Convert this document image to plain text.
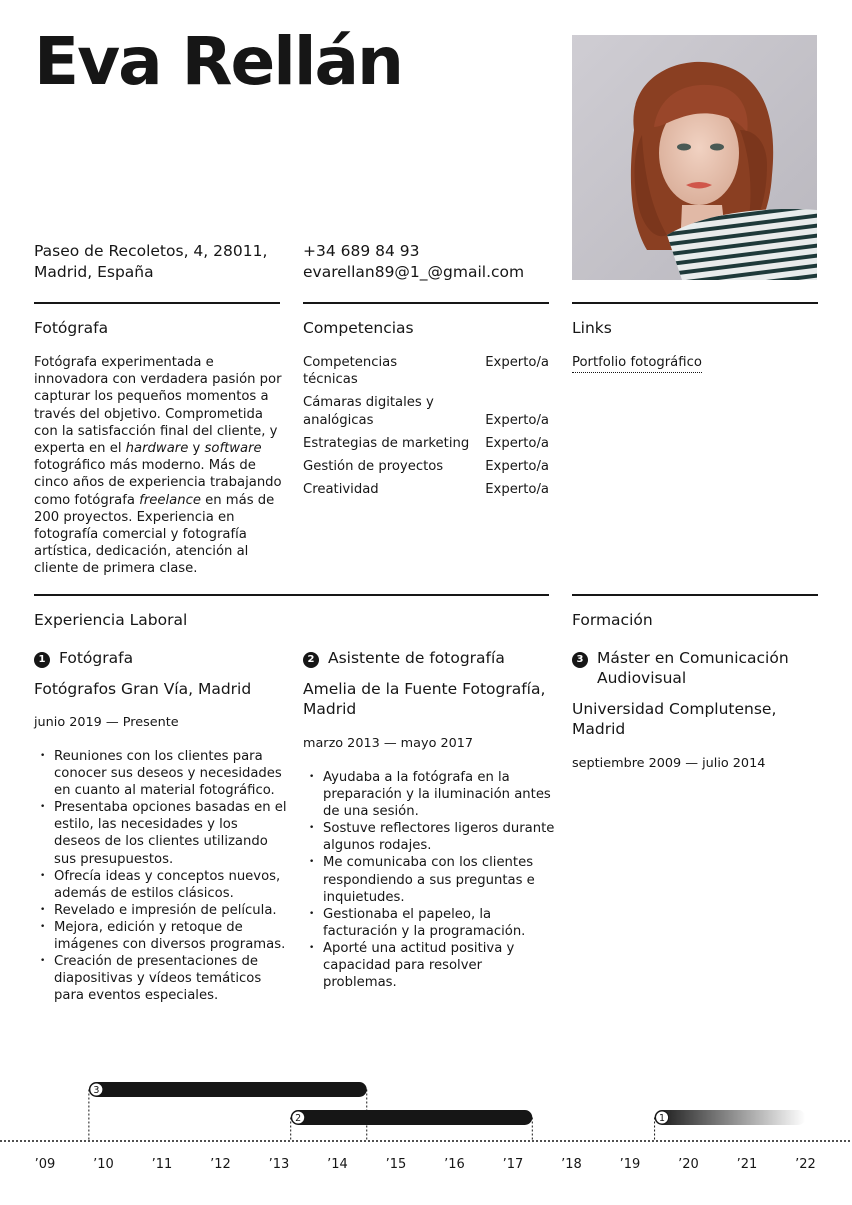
Eva Rellán
Paseo de Recoletos, 4, 28011,
Madrid, España
+34 689 84 93
evarellan89@1_@gmail.com
Fotógrafa	Competencias	Links
Fotógrafa experimentada e innovadora con verdadera pasión por capturar los pequeños momentos a través del objetivo. Comprometida con la satisfacción final del cliente, y experta en el hardware y software fotográfico más moderno. Más de cinco años de experiencia trabajando como fotógrafa freelance en más de 200 proyectos. Experiencia en fotografía comercial y fotografía artística, dedicación, atención al cliente de primera clase.
Competencias técnicas
Experto/a
Cámaras digitales y analógicas	Experto/a
Estrategias de marketing	Experto/a
Gestión de proyectos	Experto/a
Creatividad	Experto/a
Portfolio fotográfico
Experiencia Laboral	Formación
1 Fotógrafa
Fotógrafos Gran Vía, Madrid
junio 2019 — Presente
• Reuniones con los clientes para conocer sus deseos y necesidades en cuanto al material fotográfico.
• Presentaba opciones basadas en el estilo, las necesidades y los deseos de los clientes utilizando sus presupuestos.
• Ofrecía ideas y conceptos nuevos, además de estilos clásicos.
• Revelado e impresión de película.
• Mejora, edición y retoque de imágenes con diversos programas.
• Creación de presentaciones de diapositivas y vídeos temáticos para eventos especiales.
2 Asistente de fotografía
Amelia de la Fuente Fotografía, Madrid
marzo 2013 — mayo 2017
• Ayudaba a la fotógrafa en la preparación y la iluminación antes de una sesión.
• Sostuve reflectores ligeros durante algunos rodajes.
• Me comunicaba con los clientes respondiendo a sus preguntas e inquietudes.
• Gestionaba el papeleo, la facturación y la programación.
• Aporté una actitud positiva y capacidad para resolver problemas.
3 Máster en Comunicación Audiovisual
Universidad Complutense, Madrid
septiembre 2009 — julio 2014
3
2	1
’09	’10	’11	’12	’13	’14	’15	’16	’17	’18	’19	’20	’21	’22
